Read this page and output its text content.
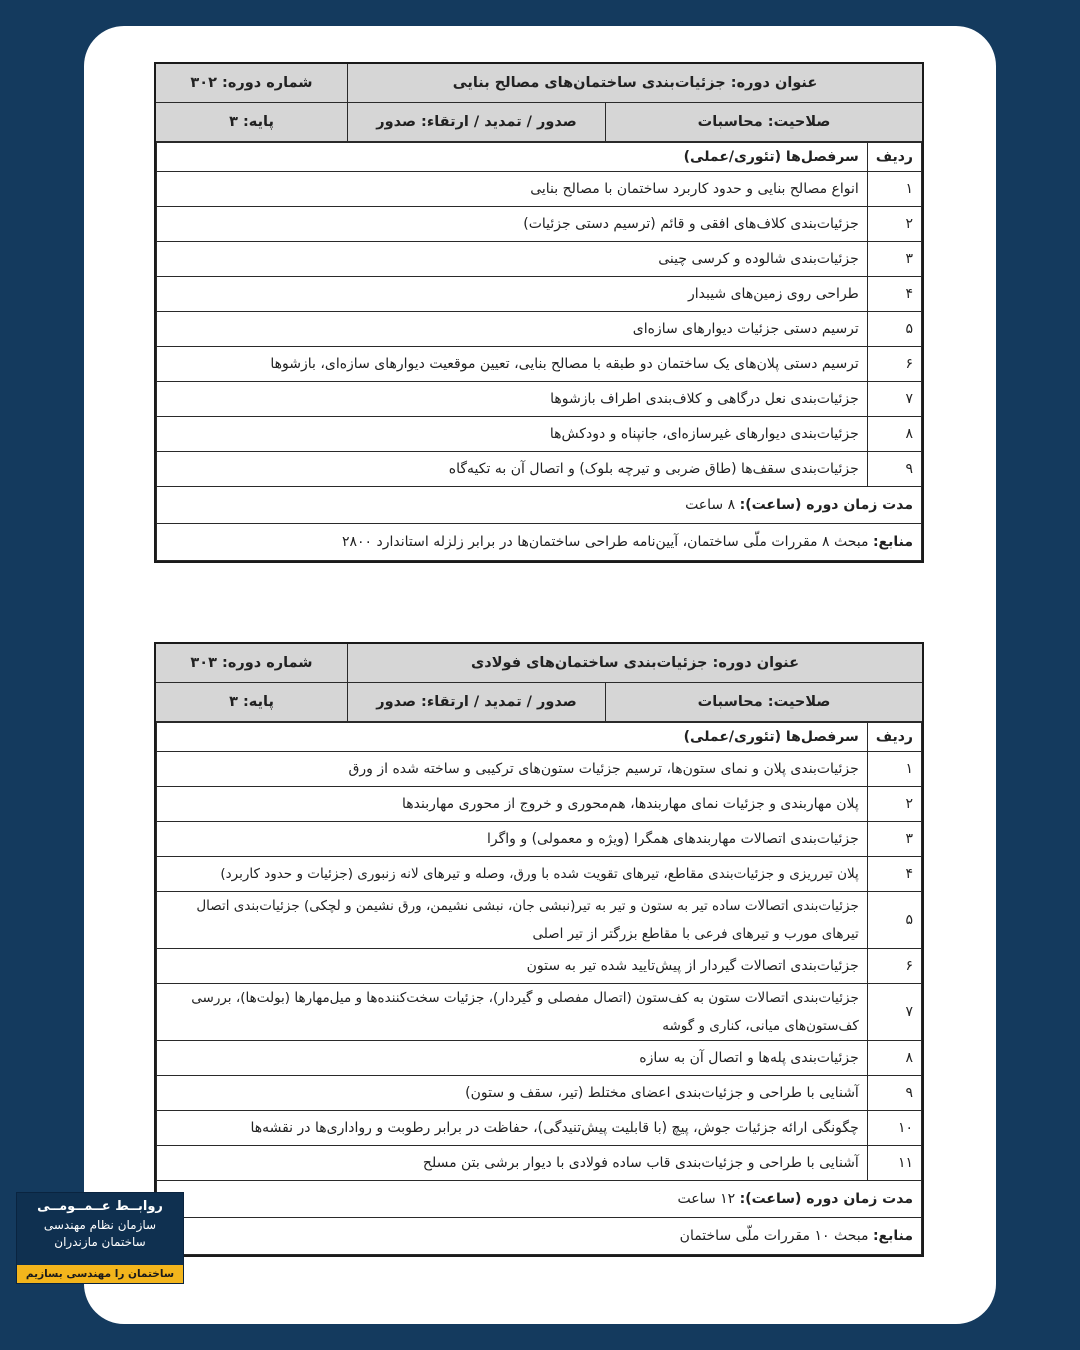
عنوان دوره: جزئیات‌بندی ساختمان‌های مصالح بنایی	شماره دوره: ۳۰۲
صلاحیت: محاسبات	صدور / تمدید / ارتقاء: صدور	پایه: ۳

ردیف	سرفصل‌ها (تئوری/عملی)
۱	انواع مصالح بنایی و حدود کاربرد ساختمان با مصالح بنایی
۲	جزئیات‌بندی کلاف‌های افقی و قائم (ترسیم دستی جزئیات)
۳	جزئیات‌بندی شالوده و کرسی چینی
۴	طراحی روی زمین‌های شیبدار
۵	ترسیم دستی جزئیات دیوارهای سازه‌ای
۶	ترسیم دستی پلان‌های یک ساختمان دو طبقه با مصالح بنایی، تعیین موقعیت دیوارهای سازه‌ای، بازشوها
۷	جزئیات‌بندی نعل درگاهی و کلاف‌بندی اطراف بازشوها
۸	جزئیات‌بندی دیوارهای غیرسازه‌ای، جانپناه و دودکش‌ها
۹	جزئیات‌بندی سقف‌ها (طاق ضربی و تیرچه بلوک) و اتصال آن به تکیه‌گاه
مدت زمان دوره (ساعت): ۸ ساعت
منابع: مبحث ۸ مقررات ملّی ساختمان، آیین‌نامه طراحی ساختمان‌ها در برابر زلزله استاندارد ۲۸۰۰
عنوان دوره: جزئیات‌بندی ساختمان‌های فولادی	شماره دوره: ۳۰۳
صلاحیت: محاسبات	صدور / تمدید / ارتقاء: صدور	پایه: ۳

ردیف	سرفصل‌ها (تئوری/عملی)
۱	جزئیات‌بندی پلان و نمای ستون‌ها، ترسیم جزئیات ستون‌های ترکیبی و ساخته شده از ورق
۲	پلان مهاربندی و جزئیات نمای مهاربندها، هم‌محوری و خروج از محوری مهاربندها
۳	جزئیات‌بندی اتصالات مهاربندهای همگرا (ویژه و معمولی) و واگرا
۴	پلان تیرریزی و جزئیات‌بندی مقاطع، تیرهای تقویت شده با ورق، وصله و تیرهای لانه زنبوری (جزئیات و حدود کاربرد)
۵	جزئیات‌بندی اتصالات ساده تیر به ستون و تیر به تیر(نبشی جان، نبشی نشیمن، ورق نشیمن و لچکی) جزئیات‌بندی اتصال تیرهای مورب و تیرهای فرعی با مقاطع بزرگتر از تیر اصلی
۶	جزئیات‌بندی اتصالات گیردار از پیش‌تایید شده تیر به ستون
۷	جزئیات‌بندی اتصالات ستون به کف‌ستون (اتصال مفصلی و گیردار)، جزئیات سخت‌کننده‌ها و میل‌مهارها (بولت‌ها)، بررسی کف‌ستون‌های میانی، کناری و گوشه
۸	جزئیات‌بندی پله‌ها و اتصال آن به سازه
۹	آشنایی با طراحی و جزئیات‌بندی اعضای مختلط (تیر، سقف و ستون)
۱۰	چگونگی ارائه جزئیات جوش، پیچ (با قابلیت پیش‌تنیدگی)، حفاظت در برابر رطوبت و رواداری‌ها در نقشه‌ها
۱۱	آشنایی با طراحی و جزئیات‌بندی قاب ساده فولادی با دیوار برشی بتن مسلح
مدت زمان دوره (ساعت): ۱۲ ساعت
منابع: مبحث ۱۰ مقررات ملّی ساختمان
روابــط عــمــومــی
سازمان نظام مهندسی
ساختمان مازندران
ساختمان را مهندسی بسازیم
